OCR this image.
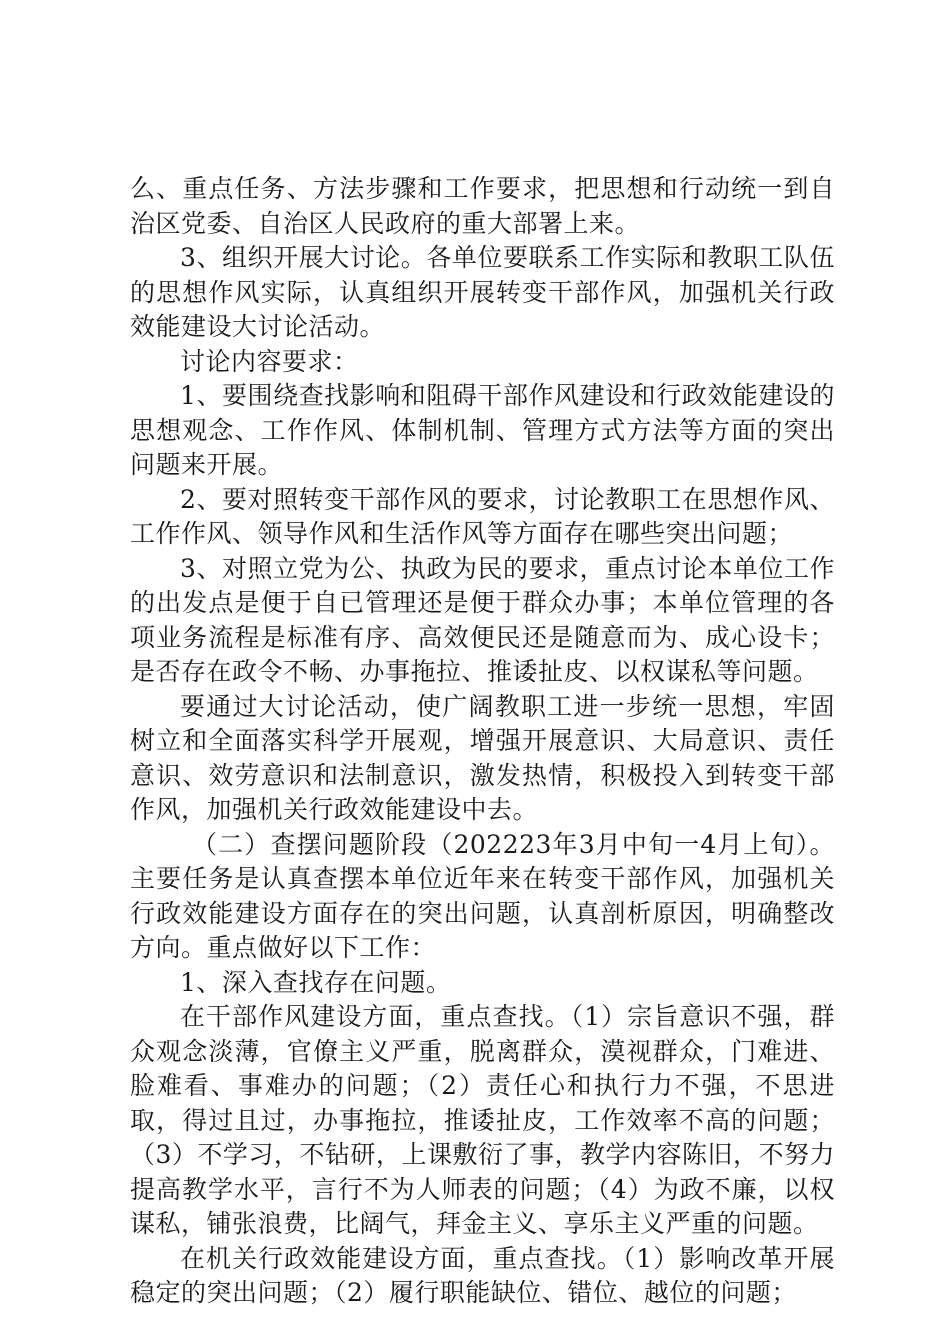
么、重点任务、方法步骤和工作要求，把思想和行动统一到自治区党委、自治区人民政府的重大部署上来。

3、组织开展大讨论。各单位要联系工作实际和教职工队伍的思想作风实际，认真组织开展转变干部作风，加强机关行政效能建设大讨论活动。

讨论内容要求：

1、要围绕查找影响和阻碍干部作风建设和行政效能建设的思想观念、工作作风、体制机制、管理方式方法等方面的突出问题来开展。

2、要对照转变干部作风的要求，讨论教职工在思想作风、工作作风、领导作风和生活作风等方面存在哪些突出问题；

3、对照立党为公、执政为民的要求，重点讨论本单位工作的出发点是便于自已管理还是便于群众办事；本单位管理的各项业务流程是标准有序、高效便民还是随意而为、成心设卡；是否存在政令不畅、办事拖拉、推诿扯皮、以权谋私等问题。

要通过大讨论活动，使广阔教职工进一步统一思想，牢固树立和全面落实科学开展观，增强开展意识、大局意识、责任意识、效劳意识和法制意识，激发热情，积极投入到转变干部作风，加强机关行政效能建设中去。

（二）查摆问题阶段（202223年3月中旬一4月上旬）。主要任务是认真查摆本单位近年来在转变干部作风，加强机关行政效能建设方面存在的突出问题，认真剖析原因，明确整改方向。重点做好以下工作：

1、深入查找存在问题。

在干部作风建设方面，重点查找。（1）宗旨意识不强，群众观念淡薄，官僚主义严重，脱离群众，漠视群众，门难进、脸难看、事难办的问题；（2）责任心和执行力不强，不思进取，得过且过，办事拖拉，推诿扯皮，工作效率不高的问题；（3）不学习，不钻研，上课敷衍了事，教学内容陈旧，不努力提高教学水平，言行不为人师表的问题；（4）为政不廉，以权谋私，铺张浪费，比阔气，拜金主义、享乐主义严重的问题。

在机关行政效能建设方面，重点查找。（1）影响改革开展稳定的突出问题；（2）履行职能缺位、错位、越位的问题；
